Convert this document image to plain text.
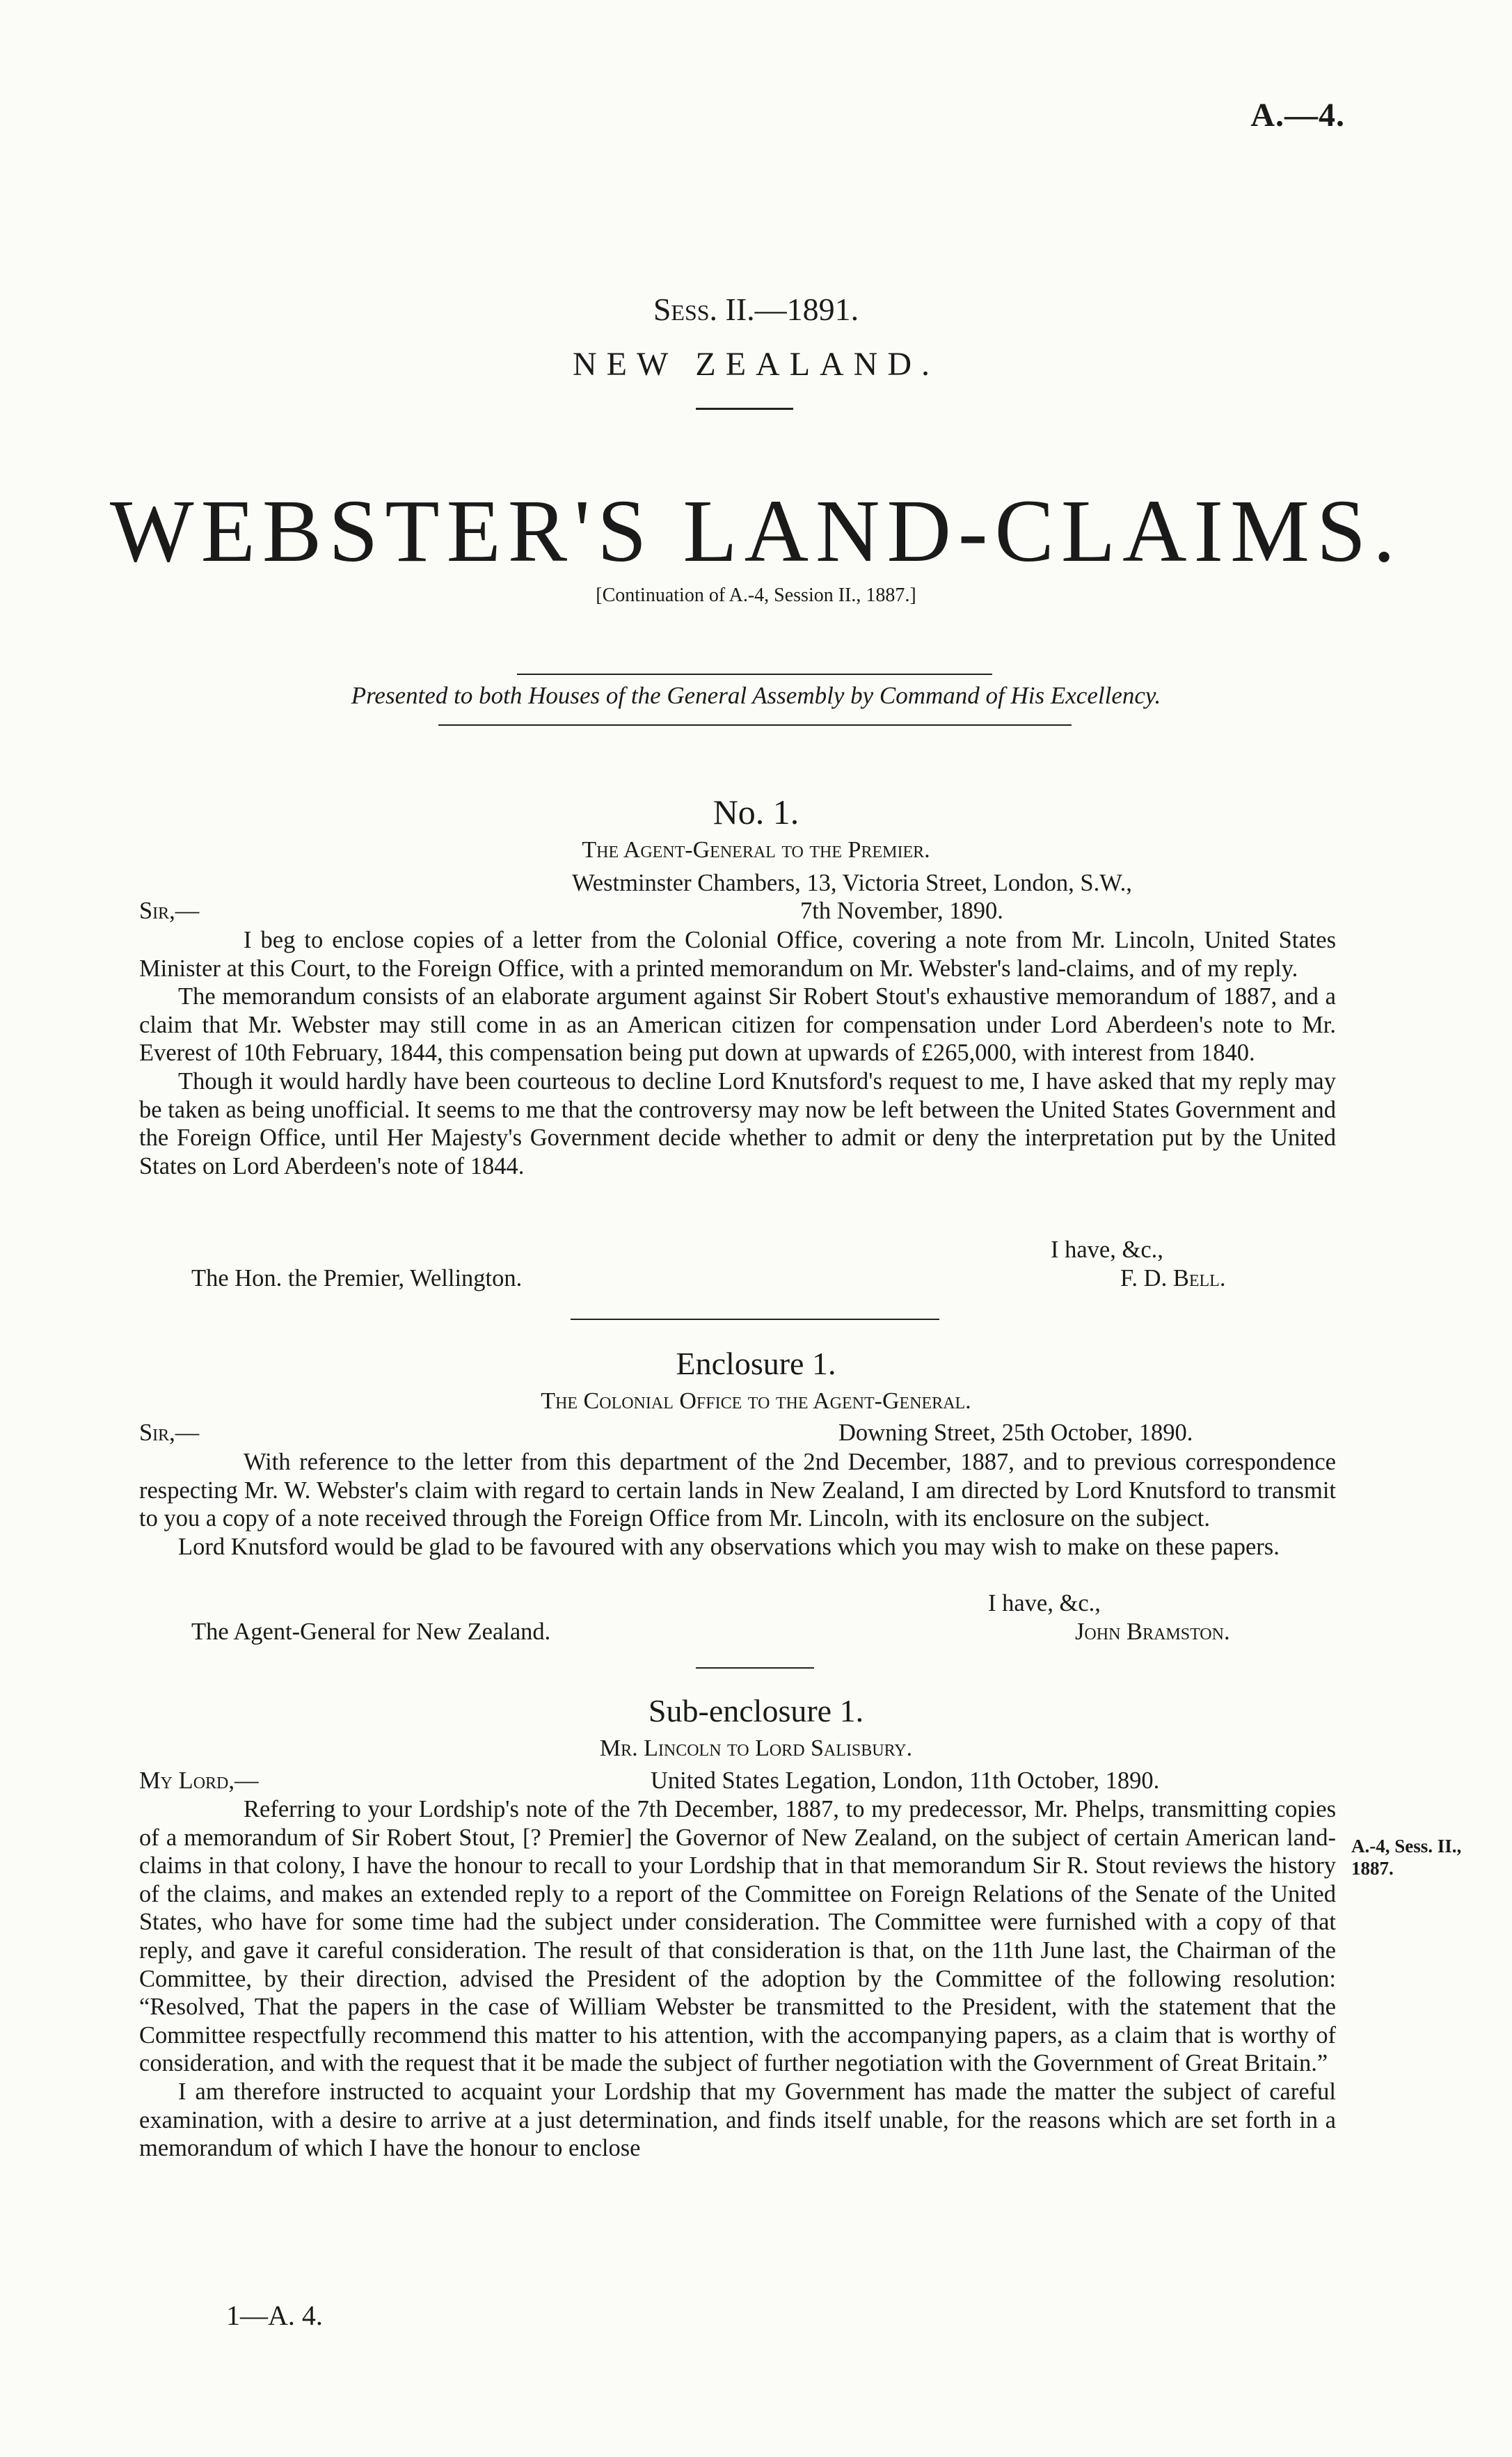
A.—4.
Sess. II.—1891.
NEW ZEALAND.
WEBSTER'S LAND-CLAIMS.
[Continuation of A.-4, Session II., 1887.]
Presented to both Houses of the General Assembly by Command of His Excellency.
No. 1.
The Agent-General to the Premier.
Westminster Chambers, 13, Victoria Street, London, S.W.,
Sir,—	7th November, 1890.

I beg to enclose copies of a letter from the Colonial Office, covering a note from Mr. Lincoln, United States Minister at this Court, to the Foreign Office, with a printed memorandum on Mr. Webster's land-claims, and of my reply.

The memorandum consists of an elaborate argument against Sir Robert Stout's exhaustive memorandum of 1887, and a claim that Mr. Webster may still come in as an American citizen for compensation under Lord Aberdeen's note to Mr. Everest of 10th February, 1844, this compensation being put down at upwards of £265,000, with interest from 1840.

Though it would hardly have been courteous to decline Lord Knutsford's request to me, I have asked that my reply may be taken as being unofficial. It seems to me that the controversy may now be left between the United States Government and the Foreign Office, until Her Majesty's Government decide whether to admit or deny the interpretation put by the United States on Lord Aberdeen's note of 1844.

I have, &c.,
The Hon. the Premier, Wellington.	F. D. Bell.
Enclosure 1.
The Colonial Office to the Agent-General.
Sir,—	Downing Street, 25th October, 1890.

With reference to the letter from this department of the 2nd December, 1887, and to previous correspondence respecting Mr. W. Webster's claim with regard to certain lands in New Zealand, I am directed by Lord Knutsford to transmit to you a copy of a note received through the Foreign Office from Mr. Lincoln, with its enclosure on the subject.

Lord Knutsford would be glad to be favoured with any observations which you may wish to make on these papers.

I have, &c.,
The Agent-General for New Zealand.	John Bramston.
Sub-enclosure 1.
Mr. Lincoln to Lord Salisbury.
My Lord,—	United States Legation, London, 11th October, 1890.

Referring to your Lordship's note of the 7th December, 1887, to my predecessor, Mr. Phelps, transmitting copies of a memorandum of Sir Robert Stout, [? Premier] the Governor of New Zealand, on the subject of certain American land-claims in that colony, I have the honour to recall to your Lordship that in that memorandum Sir R. Stout reviews the history of the claims, and makes an extended reply to a report of the Committee on Foreign Relations of the Senate of the United States, who have for some time had the subject under consideration. The Committee were furnished with a copy of that reply, and gave it careful consideration. The result of that consideration is that, on the 11th June last, the Chairman of the Committee, by their direction, advised the President of the adoption by the Committee of the following resolution: “Resolved, That the papers in the case of William Webster be transmitted to the President, with the statement that the Committee respectfully recommend this matter to his attention, with the accompanying papers, as a claim that is worthy of consideration, and with the request that it be made the subject of further negotiation with the Government of Great Britain.”

I am therefore instructed to acquaint your Lordship that my Government has made the matter the subject of careful examination, with a desire to arrive at a just determination, and finds itself unable, for the reasons which are set forth in a memorandum of which I have the honour to enclose

A.-4, Sess. II., 1887.
1—A. 4.
